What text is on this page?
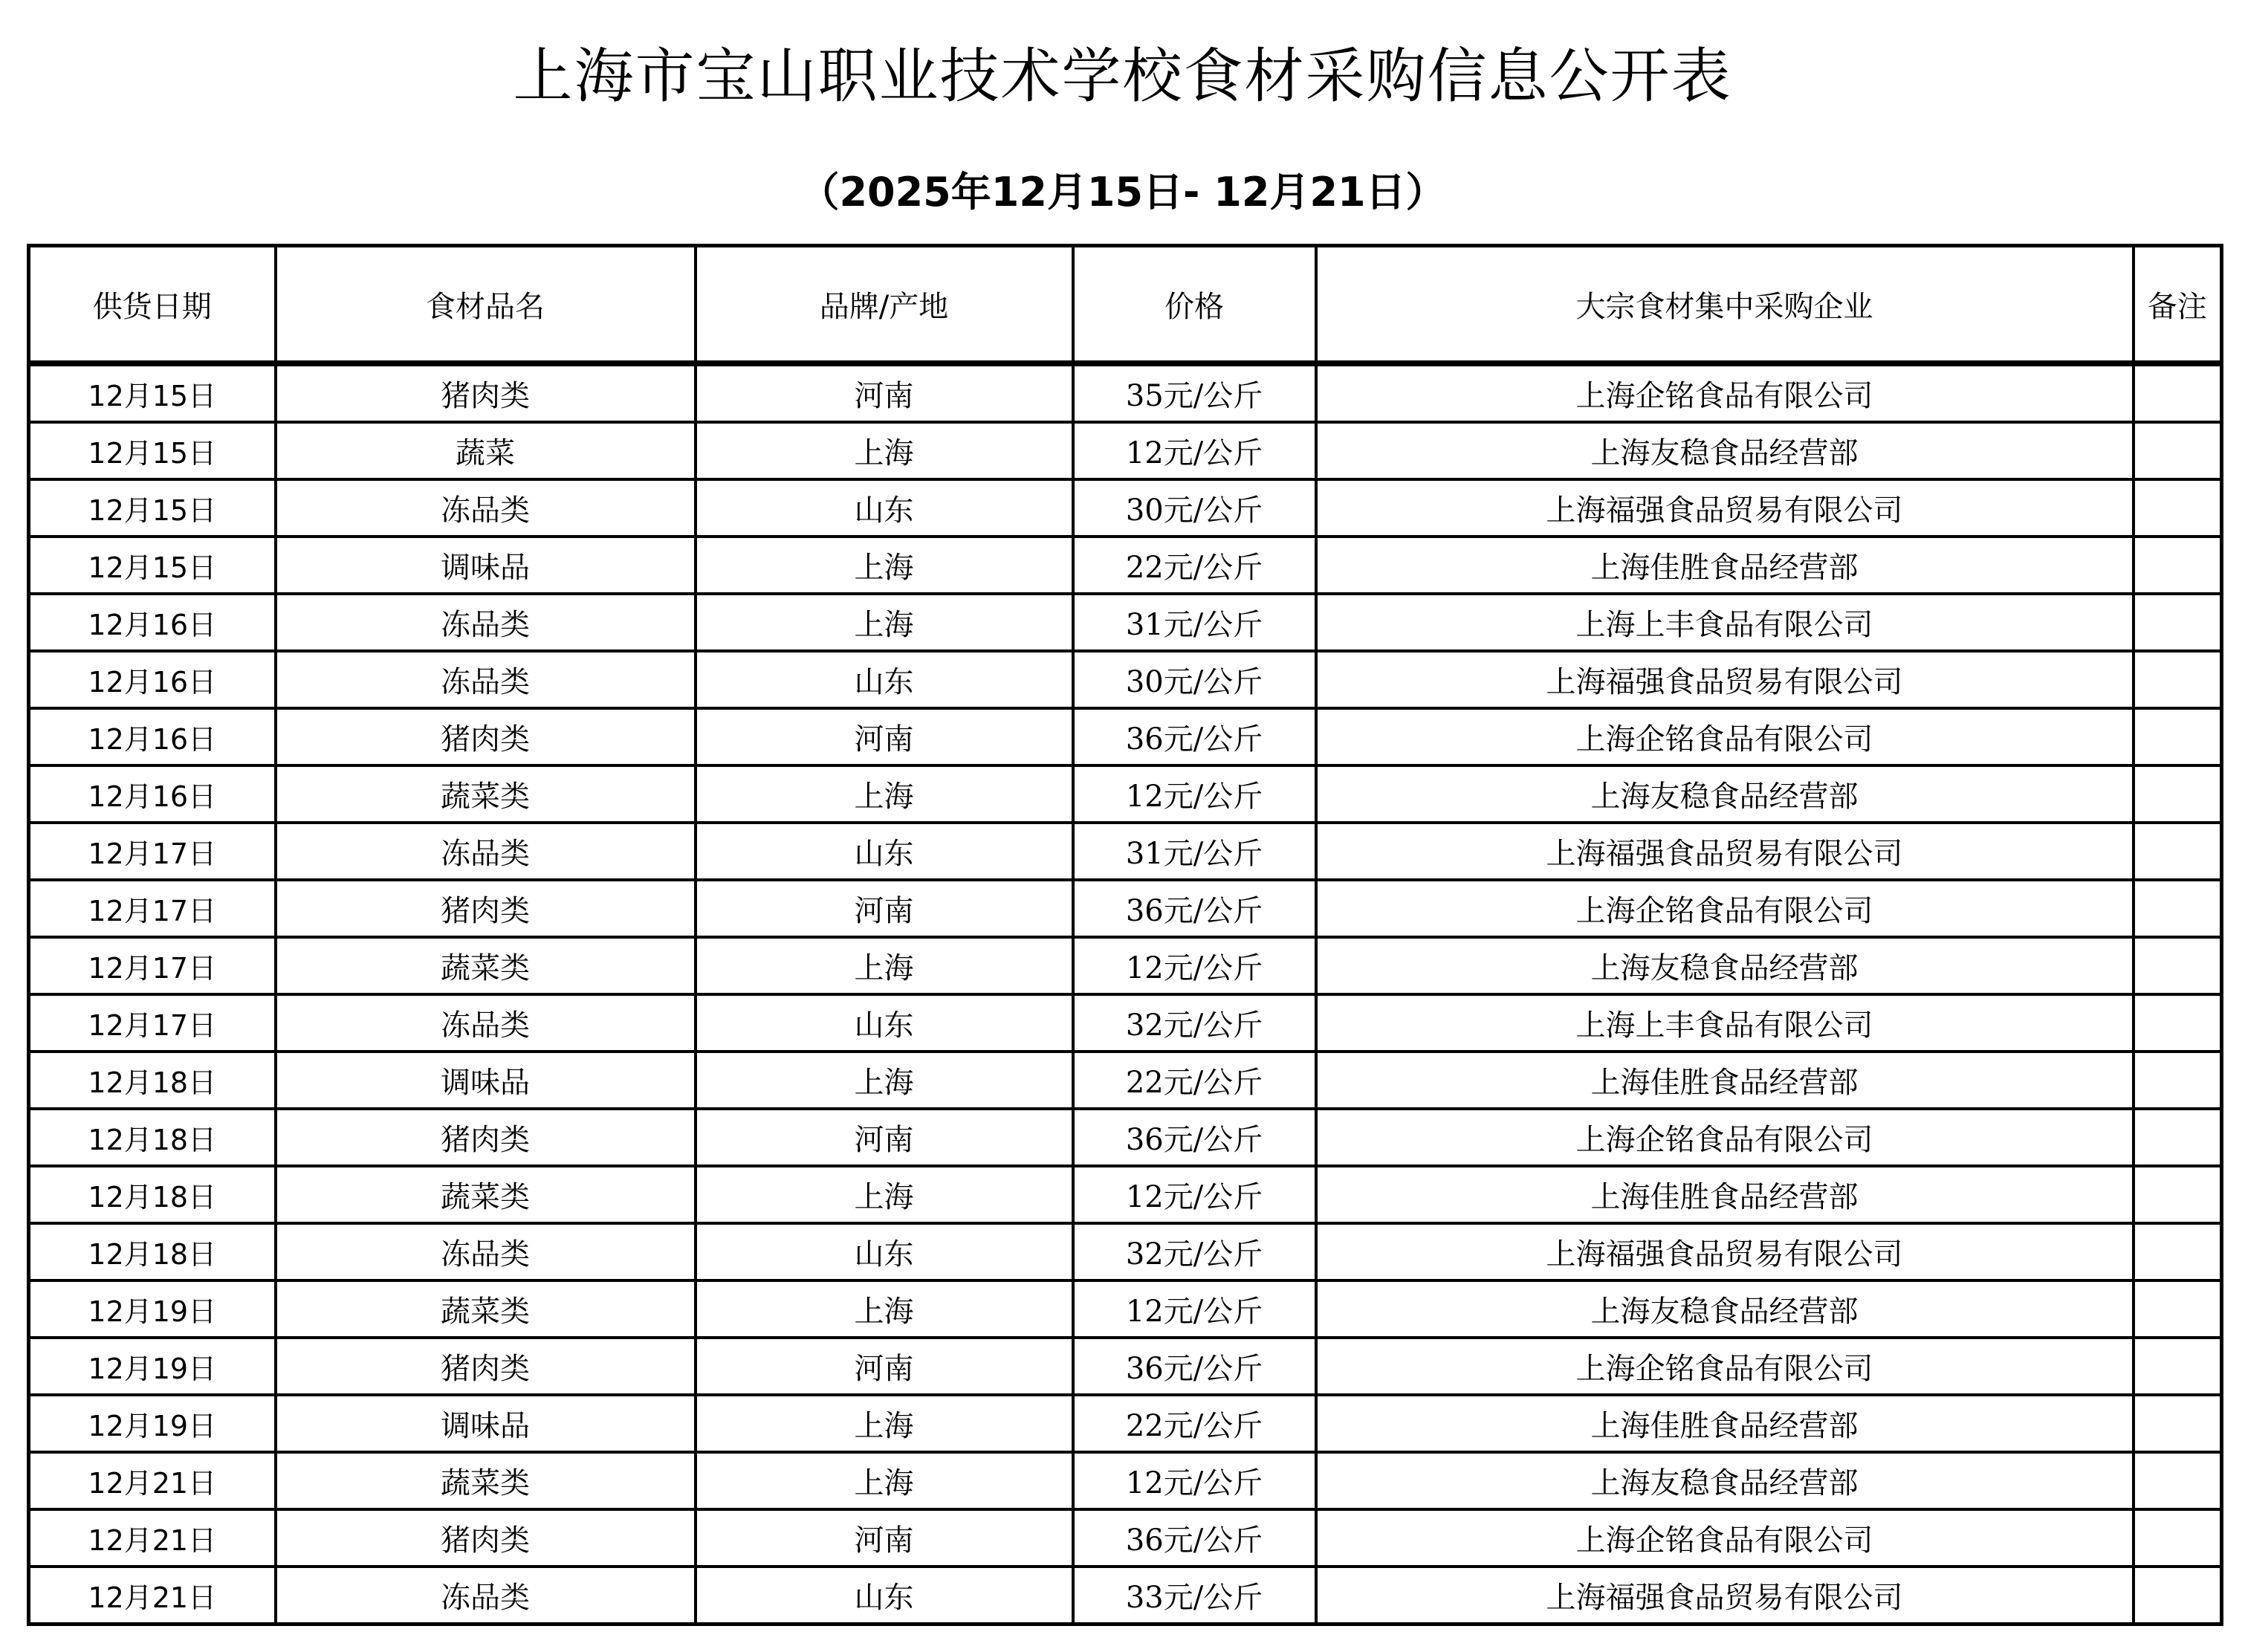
上海市宝山职业技术学校食材采购信息公开表
（2025年12月15日- 12月21日）
供货日期	食材品名	品牌/产地	价格	大宗食材集中采购企业	备注
12月15日	猪肉类	河南	35元/公斤	上海企铭食品有限公司	
12月15日	蔬菜	上海	12元/公斤	上海友稳食品经营部	
12月15日	冻品类	山东	30元/公斤	上海福强食品贸易有限公司	
12月15日	调味品	上海	22元/公斤	上海佳胜食品经营部	
12月16日	冻品类	上海	31元/公斤	上海上丰食品有限公司	
12月16日	冻品类	山东	30元/公斤	上海福强食品贸易有限公司	
12月16日	猪肉类	河南	36元/公斤	上海企铭食品有限公司	
12月16日	蔬菜类	上海	12元/公斤	上海友稳食品经营部	
12月17日	冻品类	山东	31元/公斤	上海福强食品贸易有限公司	
12月17日	猪肉类	河南	36元/公斤	上海企铭食品有限公司	
12月17日	蔬菜类	上海	12元/公斤	上海友稳食品经营部	
12月17日	冻品类	山东	32元/公斤	上海上丰食品有限公司	
12月18日	调味品	上海	22元/公斤	上海佳胜食品经营部	
12月18日	猪肉类	河南	36元/公斤	上海企铭食品有限公司	
12月18日	蔬菜类	上海	12元/公斤	上海佳胜食品经营部	
12月18日	冻品类	山东	32元/公斤	上海福强食品贸易有限公司	
12月19日	蔬菜类	上海	12元/公斤	上海友稳食品经营部	
12月19日	猪肉类	河南	36元/公斤	上海企铭食品有限公司	
12月19日	调味品	上海	22元/公斤	上海佳胜食品经营部	
12月21日	蔬菜类	上海	12元/公斤	上海友稳食品经营部	
12月21日	猪肉类	河南	36元/公斤	上海企铭食品有限公司	
12月21日	冻品类	山东	33元/公斤	上海福强食品贸易有限公司	
